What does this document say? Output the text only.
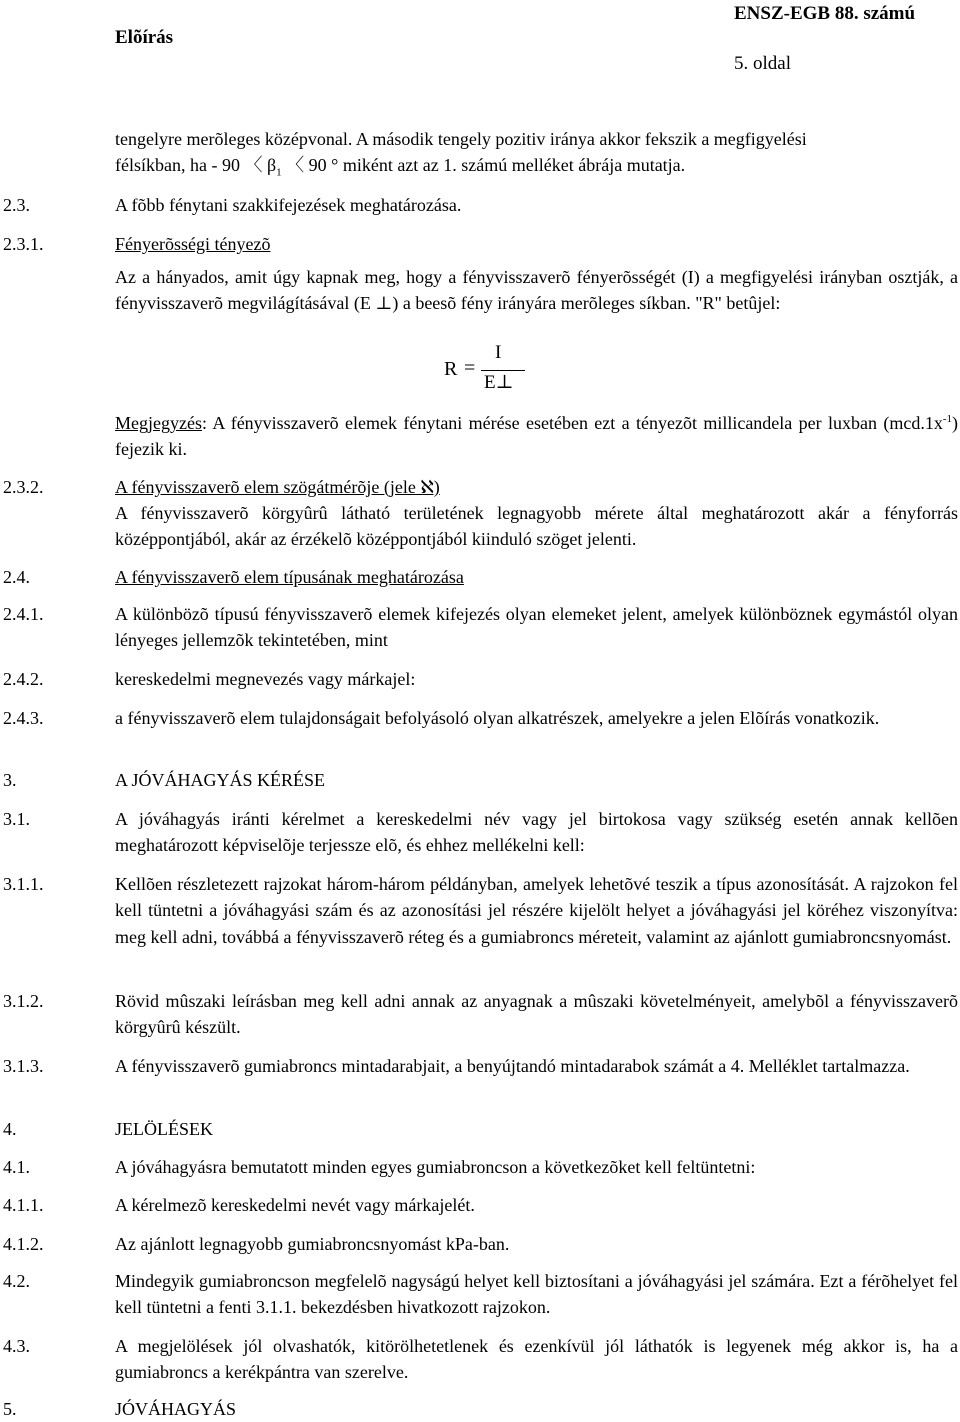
Elõírás
ENSZ-EGB 88. számú
5. oldal
tengelyre merõleges középvonal. A második tengely pozitiv iránya akkor fekszik a megfigyelési
félsíkban, ha - 90 〈 $\beta_1$ 〈 90 ° miként azt az 1. számú melléket ábrája mutatja.
2.3.	A fõbb fénytani szakkifejezések meghatározása.
2.3.1.	Fényerõsségi tényezõ
Az a hányados, amit úgy kapnak meg, hogy a fényvisszaverõ fényerõsségét (I) a megfigyelési irányban osztják, a fényvisszaverõ megvilágításával (E ⊥) a beesõ fény irányára merõleges síkban. "R" betûjel:
R =
I
E⊥
Megjegyzés: A fényvisszaverõ elemek fénytani mérése esetében ezt a tényezõt millicandela per luxban $(mcd.1x^{-1})$ fejezik ki.
2.3.2.	A fényvisszaverõ elem szögátmérõje (jele ℵ)
A fényvisszaverõ körgyûrû látható területének legnagyobb mérete által meghatározott akár a fényforrás középpontjából, akár az érzékelõ középpontjából kiinduló szöget jelenti.
2.4.	A fényvisszaverõ elem típusának meghatározása
2.4.1.	A különbözõ típusú fényvisszaverõ elemek kifejezés olyan elemeket jelent, amelyek különböznek egymástól olyan lényeges jellemzõk tekintetében, mint
2.4.2.	kereskedelmi megnevezés vagy márkajel:
2.4.3.	a fényvisszaverõ elem tulajdonságait befolyásoló olyan alkatrészek, amelyekre a jelen Elõírás vonatkozik.
3.	A JÓVÁHAGYÁS KÉRÉSE
3.1.	A jóváhagyás iránti kérelmet a kereskedelmi név vagy jel birtokosa vagy szükség esetén annak kellõen meghatározott képviselõje terjessze elõ, és ehhez mellékelni kell:
3.1.1.	Kellõen részletezett rajzokat három-három példányban, amelyek lehetõvé teszik a típus azonosítását. A rajzokon fel kell tüntetni a jóváhagyási szám és az azonosítási jel részére kijelölt helyet a jóváhagyási jel köréhez viszonyítva: meg kell adni, továbbá a fényvisszaverõ réteg és a gumiabroncs méreteit, valamint az ajánlott gumiabroncsnyomást.
3.1.2.	Rövid mûszaki leírásban meg kell adni annak az anyagnak a mûszaki követelményeit, amelybõl a fényvisszaverõ körgyûrû készült.
3.1.3.	A fényvisszaverõ gumiabroncs mintadarabjait, a benyújtandó mintadarabok számát a 4. Melléklet tartalmazza.
4.	JELÖLÉSEK
4.1.	A jóváhagyásra bemutatott minden egyes gumiabroncson a következõket kell feltüntetni:
4.1.1.	A kérelmezõ kereskedelmi nevét vagy márkajelét.
4.1.2.	Az ajánlott legnagyobb gumiabroncsnyomást kPa-ban.
4.2.	Mindegyik gumiabroncson megfelelõ nagyságú helyet kell biztosítani a jóváhagyási jel számára. Ezt a férõhelyet fel kell tüntetni a fenti 3.1.1. bekezdésben hivatkozott rajzokon.
4.3.	A megjelölések jól olvashatók, kitörölhetetlenek és ezenkívül jól láthatók is legyenek még akkor is, ha a gumiabroncs a kerékpántra van szerelve.
5.	JÓVÁHAGYÁS
